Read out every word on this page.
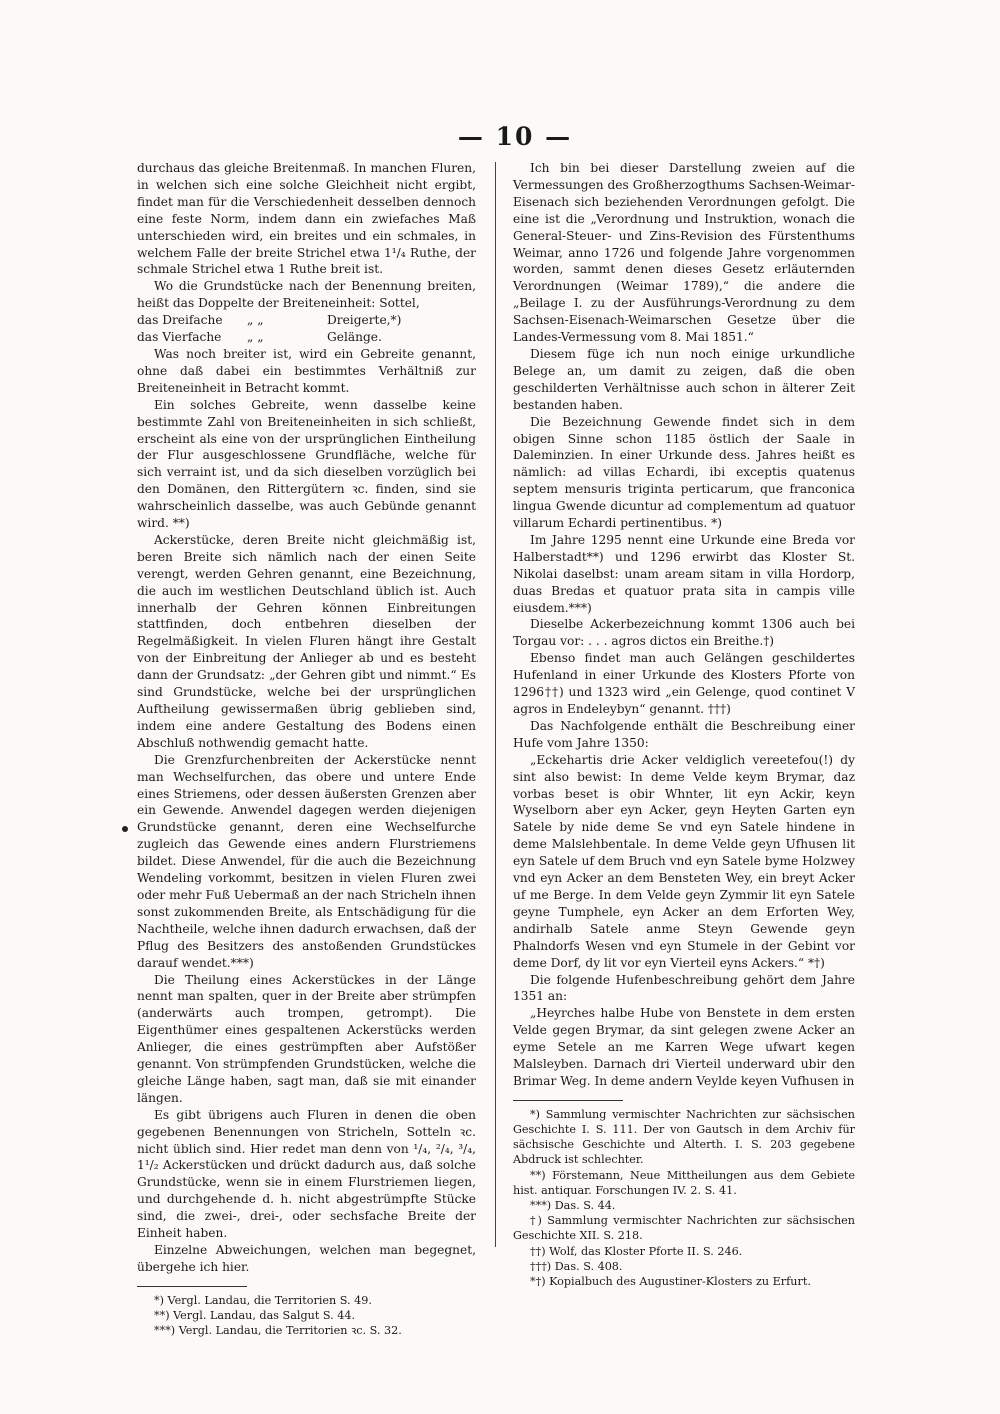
— 10 —

durchaus das gleiche Breitenmaß. In manchen Fluren, in welchen sich eine solche Gleichheit nicht ergibt, findet man für die Verschiedenheit desselben dennoch eine feste Norm, indem dann ein zwiefaches Maß unterschieden wird, ein breites und ein schmales, in welchem Falle der breite Strichel etwa 1¹/₄ Ruthe, der schmale Strichel etwa 1 Ruthe breit ist.

Wo die Grundstücke nach der Benennung breiten, heißt das Doppelte der Breiteneinheit: Sottel,

das Dreifache „ „	Dreigerte,*)

das Vierfache „ „	Gelänge.

Was noch breiter ist, wird ein Gebreite genannt, ohne daß dabei ein bestimmtes Verhältniß zur Breiteneinheit in Betracht kommt.

Ein solches Gebreite, wenn dasselbe keine bestimmte Zahl von Breiteneinheiten in sich schließt, erscheint als eine von der ursprünglichen Eintheilung der Flur ausgeschlossene Grundfläche, welche für sich verraint ist, und da sich dieselben vorzüglich bei den Domänen, den Rittergütern ꝛc. finden, sind sie wahrscheinlich dasselbe, was auch Gebünde genannt wird. **)

Ackerstücke, deren Breite nicht gleichmäßig ist, beren Breite sich nämlich nach der einen Seite verengt, werden Gehren genannt, eine Bezeichnung, die auch im westlichen Deutschland üblich ist. Auch innerhalb der Gehren können Einbreitungen stattfinden, doch entbehren dieselben der Regelmäßigkeit. In vielen Fluren hängt ihre Gestalt von der Einbreitung der Anlieger ab und es besteht dann der Grundsatz: „der Gehren gibt und nimmt.“ Es sind Grundstücke, welche bei der ursprünglichen Auftheilung gewissermaßen übrig geblieben sind, indem eine andere Gestaltung des Bodens einen Abschluß nothwendig gemacht hatte.

Die Grenzfurchenbreiten der Ackerstücke nennt man Wechselfurchen, das obere und untere Ende eines Striemens, oder dessen äußersten Grenzen aber ein Gewende. Anwendel dagegen werden diejenigen Grundstücke genannt, deren eine Wechselfurche zugleich das Gewende eines andern Flurstriemens bildet. Diese Anwendel, für die auch die Bezeichnung Wendeling vorkommt, besitzen in vielen Fluren zwei oder mehr Fuß Uebermaß an der nach Stricheln ihnen sonst zukommenden Breite, als Entschädigung für die Nachtheile, welche ihnen dadurch erwachsen, daß der Pflug des Besitzers des anstoßenden Grundstückes darauf wendet.***)

Die Theilung eines Ackerstückes in der Länge nennt man spalten, quer in der Breite aber strümpfen (anderwärts auch trompen, getrompt). Die Eigenthümer eines gespaltenen Ackerstücks werden Anlieger, die eines gestrümpften aber Aufstößer genannt. Von strümpfenden Grundstücken, welche die gleiche Länge haben, sagt man, daß sie mit einander längen.

Es gibt übrigens auch Fluren in denen die oben gegebenen Benennungen von Stricheln, Sotteln ꝛc. nicht üblich sind. Hier redet man denn von ¹/₄, ²/₄, ³/₄, 1¹/₂ Ackerstücken und drückt dadurch aus, daß solche Grundstücke, wenn sie in einem Flurstriemen liegen, und durchgehende d. h. nicht abgestrümpfte Stücke sind, die zwei-, drei-, oder sechsfache Breite der Einheit haben.

Einzelne Abweichungen, welchen man begegnet, übergehe ich hier.

*) Vergl. Landau, die Territorien S. 49.

**) Vergl. Landau, das Salgut S. 44.

***) Vergl. Landau, die Territorien ꝛc. S. 32.

Ich bin bei dieser Darstellung zweien auf die Vermessungen des Großherzogthums Sachsen-Weimar-Eisenach sich beziehenden Verordnungen gefolgt. Die eine ist die „Verordnung und Instruktion, wonach die General-Steuer- und Zins-Revision des Fürstenthums Weimar, anno 1726 und folgende Jahre vorgenommen worden, sammt denen dieses Gesetz erläuternden Verordnungen (Weimar 1789),“ die andere die „Beilage I. zu der Ausführungs-Verordnung zu dem Sachsen-Eisenach-Weimarschen Gesetze über die Landes-Vermessung vom 8. Mai 1851.“

Diesem füge ich nun noch einige urkundliche Belege an, um damit zu zeigen, daß die oben geschilderten Verhältnisse auch schon in älterer Zeit bestanden haben.

Die Bezeichnung Gewende findet sich in dem obigen Sinne schon 1185 östlich der Saale in Daleminzien. In einer Urkunde dess. Jahres heißt es nämlich: ad villas Echardi, ibi exceptis quatenus septem mensuris triginta perticarum, que franconica lingua Gwende dicuntur ad complementum ad quatuor villarum Echardi pertinentibus. *)

Im Jahre 1295 nennt eine Urkunde eine Breda vor Halberstadt**) und 1296 erwirbt das Kloster St. Nikolai daselbst: unam aream sitam in villa Hordorp, duas Bredas et quatuor prata sita in campis ville eiusdem.***)

Dieselbe Ackerbezeichnung kommt 1306 auch bei Torgau vor: . . . agros dictos ein Breithe.†)

Ebenso findet man auch Gelängen geschildertes Hufenland in einer Urkunde des Klosters Pforte von 1296††) und 1323 wird „ein Gelenge, quod continet V agros in Endeleybyn“ genannt. †††)

Das Nachfolgende enthält die Beschreibung einer Hufe vom Jahre 1350:

„Eckehartis drie Acker veldiglich vereetefou(!) dy sint also bewist: In deme Velde keym Brymar, daz vorbas beset is obir Whnter, lit eyn Ackir, keyn Wyselborn aber eyn Acker, geyn Heyten Garten eyn Satele by nide deme Se vnd eyn Satele hindene in deme Malslehbentale. In deme Velde geyn Ufhusen lit eyn Satele uf dem Bruch vnd eyn Satele byme Holzwey vnd eyn Acker an dem Bensteten Wey, ein breyt Acker uf me Berge. In dem Velde geyn Zymmir lit eyn Satele geyne Tumphele, eyn Acker an dem Erforten Wey, andirhalb Satele anme Steyn Gewende geyn Phalndorfs Wesen vnd eyn Stumele in der Gebint vor deme Dorf, dy lit vor eyn Vierteil eyns Ackers.“ *†)

Die folgende Hufenbeschreibung gehört dem Jahre 1351 an:

„Heyrches halbe Hube von Benstete in dem ersten Velde gegen Brymar, da sint gelegen zwene Acker an eyme Setele an me Karren Wege ufwart kegen Malsleyben. Darnach dri Vierteil underward ubir den Brimar Weg. In deme andern Veylde keyen Vufhusen in

*) Sammlung vermischter Nachrichten zur sächsischen Geschichte I. S. 111. Der von Gautsch in dem Archiv für sächsische Geschichte und Alterth. I. S. 203 gegebene Abdruck ist schlechter.

**) Förstemann, Neue Mittheilungen aus dem Gebiete hist. antiquar. Forschungen IV. 2. S. 41.

***) Das. S. 44.

†) Sammlung vermischter Nachrichten zur sächsischen Geschichte XII. S. 218.

††) Wolf, das Kloster Pforte II. S. 246.

†††) Das. S. 408.

*†) Kopialbuch des Augustiner-Klosters zu Erfurt.
